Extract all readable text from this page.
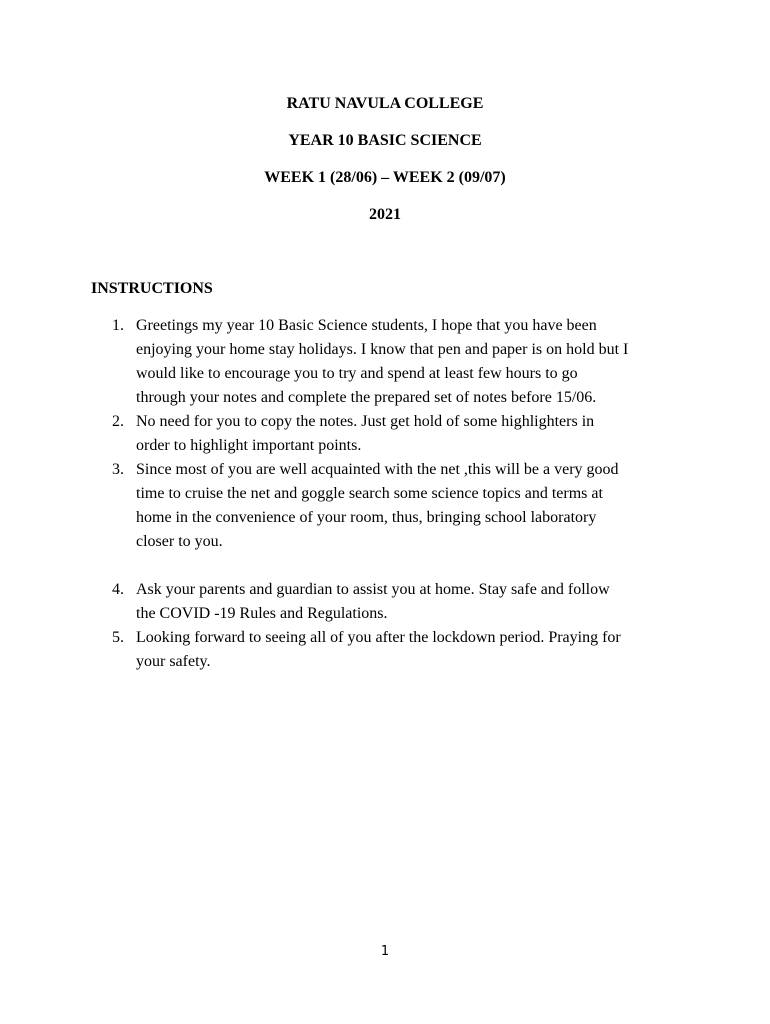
RATU NAVULA COLLEGE

YEAR 10 BASIC SCIENCE

WEEK 1 (28/06) – WEEK 2 (09/07)

2021

INSTRUCTIONS

1. Greetings my year 10 Basic Science students, I hope that you have been
enjoying your home stay holidays. I know that pen and paper is on hold but I
would like to encourage you to try and spend at least few hours to go
through your notes and complete the prepared set of notes before 15/06.
2. No need for you to copy the notes. Just get hold of some highlighters in
order to highlight important points.
3. Since most of you are well acquainted with the net ,this will be a very good
time to cruise the net and goggle search some science topics and terms at
home in the convenience of your room, thus, bringing school laboratory
closer to you.
4. Ask your parents and guardian to assist you at home. Stay safe and follow
the COVID -19 Rules and Regulations.
5. Looking forward to seeing all of you after the lockdown period. Praying for
your safety.
1
